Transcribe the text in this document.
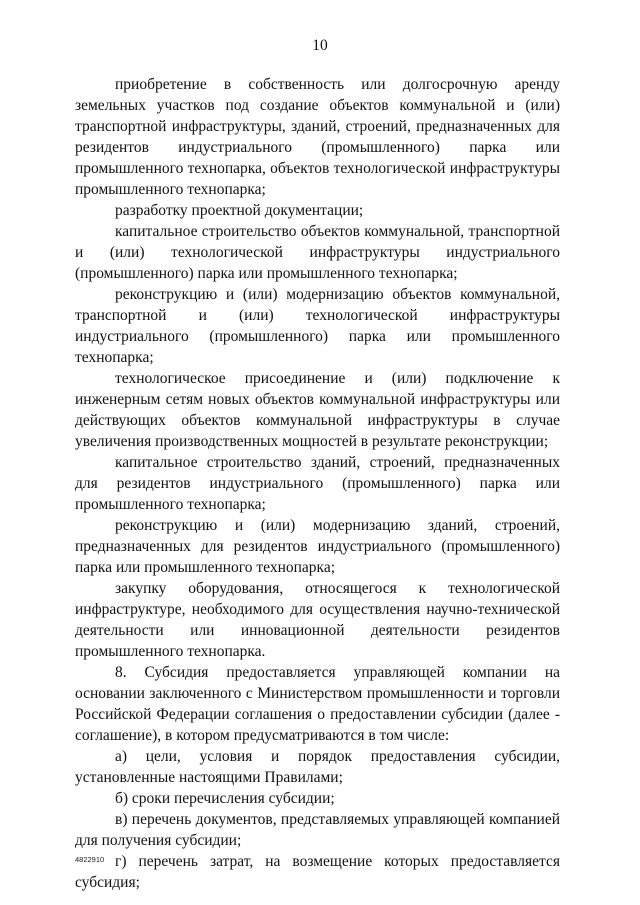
10

приобретение в собственность или долгосрочную аренду земельных участков под создание объектов коммунальной и (или) транспортной инфраструктуры, зданий, строений, предназначенных для резидентов индустриального (промышленного) парка или промышленного технопарка, объектов технологической инфраструктуры промышленного технопарка;

разработку проектной документации;

капитальное строительство объектов коммунальной, транспортной и (или) технологической инфраструктуры индустриального (промышленного) парка или промышленного технопарка;

реконструкцию и (или) модернизацию объектов коммунальной, транспортной и (или) технологической инфраструктуры индустриального (промышленного) парка или промышленного технопарка;

технологическое присоединение и (или) подключение к инженерным сетям новых объектов коммунальной инфраструктуры или действующих объектов коммунальной инфраструктуры в случае увеличения производственных мощностей в результате реконструкции;

капитальное строительство зданий, строений, предназначенных для резидентов индустриального (промышленного) парка или промышленного технопарка;

реконструкцию и (или) модернизацию зданий, строений, предназначенных для резидентов индустриального (промышленного) парка или промышленного технопарка;

закупку оборудования, относящегося к технологической инфраструктуре, необходимого для осуществления научно-технической деятельности или инновационной деятельности резидентов промышленного технопарка.

8. Субсидия предоставляется управляющей компании на основании заключенного с Министерством промышленности и торговли Российской Федерации соглашения о предоставлении субсидии (далее - соглашение), в котором предусматриваются в том числе:

а) цели, условия и порядок предоставления субсидии, установленные настоящими Правилами;

б) сроки перечисления субсидии;

в) перечень документов, представляемых управляющей компанией для получения субсидии;

г) перечень затрат, на возмещение которых предоставляется субсидия;

4822910
